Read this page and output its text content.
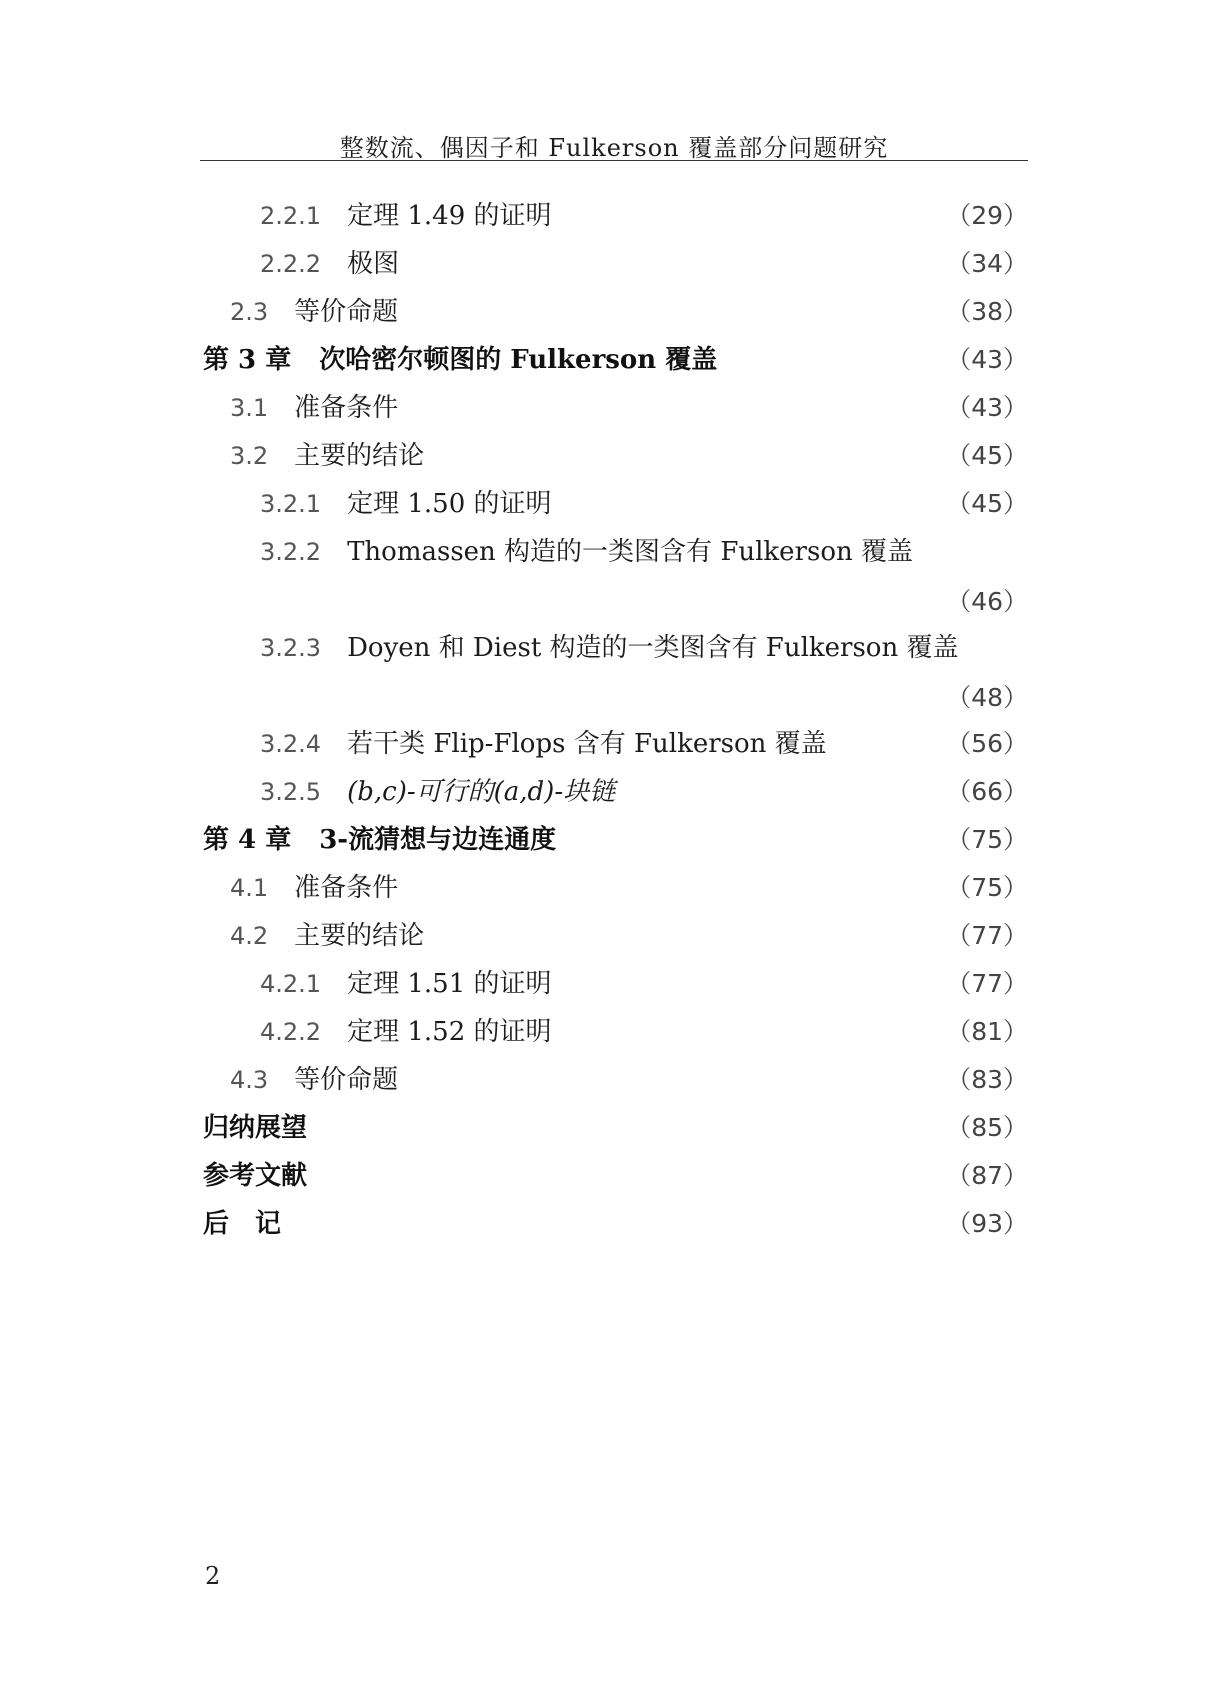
整数流、偶因子和 Fulkerson 覆盖部分问题研究
2.2.1 定理 1.49 的证明	（29）
2.2.2 极图	（34）
2.3 等价命题	（38）
第 3 章 次哈密尔顿图的 Fulkerson 覆盖	（43）
3.1 准备条件	（43）
3.2 主要的结论	（45）
3.2.1 定理 1.50 的证明	（45）
3.2.2 Thomassen 构造的一类图含有 Fulkerson 覆盖
（46）
3.2.3 Doyen 和 Diest 构造的一类图含有 Fulkerson 覆盖
（48）
3.2.4 若干类 Flip-Flops 含有 Fulkerson 覆盖	（56）
3.2.5 (b,c)-可行的(a,d)-块链	（66）
第 4 章 3-流猜想与边连通度	（75）
4.1 准备条件	（75）
4.2 主要的结论	（77）
4.2.1 定理 1.51 的证明	（77）
4.2.2 定理 1.52 的证明	（81）
4.3 等价命题	（83）
归纳展望	（85）
参考文献	（87）
后　记	（93）
2
